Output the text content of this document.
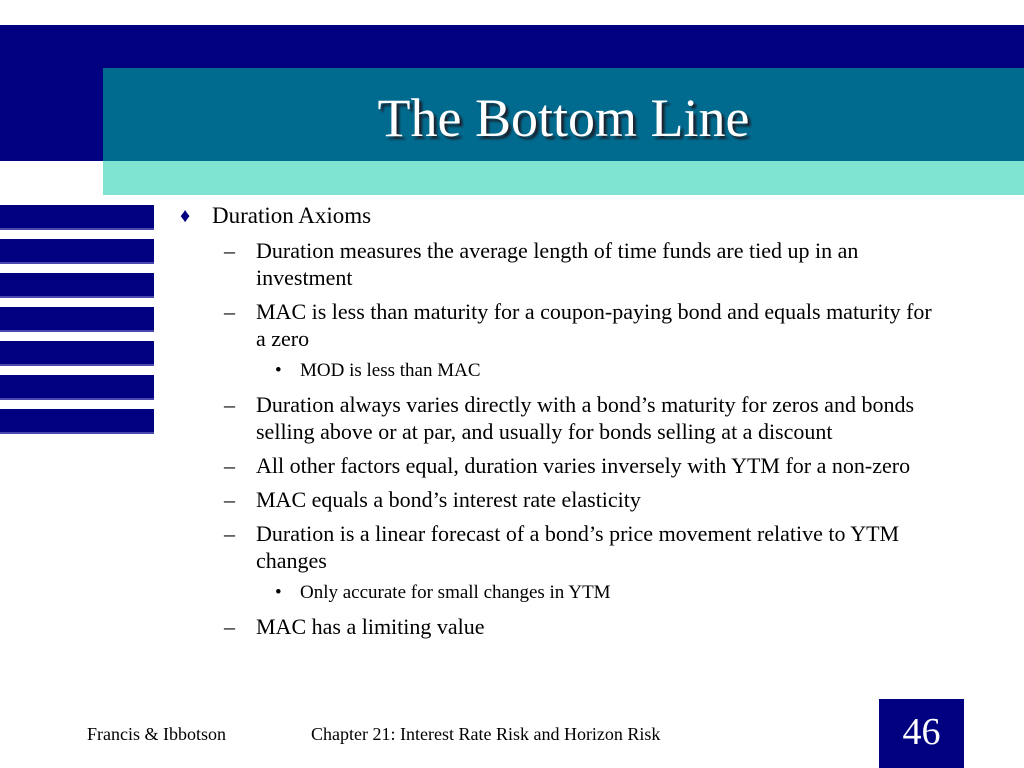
The Bottom Line
♦ Duration Axioms
– Duration measures the average length of time funds are tied up in an investment
– MAC is less than maturity for a coupon-paying bond and equals maturity for a zero
• MOD is less than MAC
– Duration always varies directly with a bond’s maturity for zeros and bonds selling above or at par, and usually for bonds selling at a discount
– All other factors equal, duration varies inversely with YTM for a non-zero
– MAC equals a bond’s interest rate elasticity
– Duration is a linear forecast of a bond’s price movement relative to YTM changes
• Only accurate for small changes in YTM
– MAC has a limiting value
Francis & Ibbotson	Chapter 21: Interest Rate Risk and Horizon Risk	46
